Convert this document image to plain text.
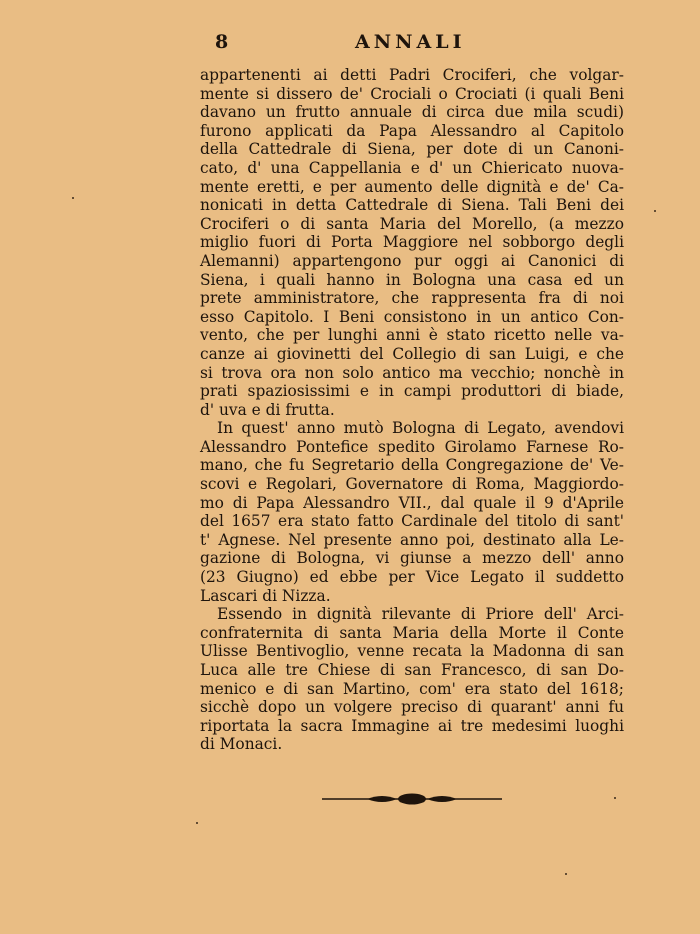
8	ANNALI
appartenenti ai detti Padri Crociferi, che volgar-
mente si dissero de' Crociali o Crociati (i quali Beni
davano un frutto annuale di circa due mila scudi)
furono applicati da Papa Alessandro al Capitolo
della Cattedrale di Siena, per dote di un Canoni-
cato, d' una Cappellania e d' un Chiericato nuova-
mente eretti, e per aumento delle dignità e de' Ca-
nonicati in detta Cattedrale di Siena. Tali Beni dei
Crociferi o di santa Maria del Morello, (a mezzo
miglio fuori di Porta Maggiore nel sobborgo degli
Alemanni) appartengono pur oggi ai Canonici di
Siena, i quali hanno in Bologna una casa ed un
prete amministratore, che rappresenta fra di noi
esso Capitolo. I Beni consistono in un antico Con-
vento, che per lunghi anni è stato ricetto nelle va-
canze ai giovinetti del Collegio di san Luigi, e che
si trova ora non solo antico ma vecchio; nonchè in
prati spaziosissimi e in campi produttori di biade,
d' uva e di frutta.
In quest' anno mutò Bologna di Legato, avendovi
Alessandro Pontefice spedito Girolamo Farnese Ro-
mano, che fu Segretario della Congregazione de' Ve-
scovi e Regolari, Governatore di Roma, Maggiordo-
mo di Papa Alessandro VII., dal quale il 9 d'Aprile
del 1657 era stato fatto Cardinale del titolo di sant'
t' Agnese. Nel presente anno poi, destinato alla Le-
gazione di Bologna, vi giunse a mezzo dell' anno
(23 Giugno) ed ebbe per Vice Legato il suddetto
Lascari di Nizza.
Essendo in dignità rilevante di Priore dell' Arci-
confraternita di santa Maria della Morte il Conte
Ulisse Bentivoglio, venne recata la Madonna di san
Luca alle tre Chiese di san Francesco, di san Do-
menico e di san Martino, com' era stato del 1618;
sicchè dopo un volgere preciso di quarant' anni fu
riportata la sacra Immagine ai tre medesimi luoghi
di Monaci.
